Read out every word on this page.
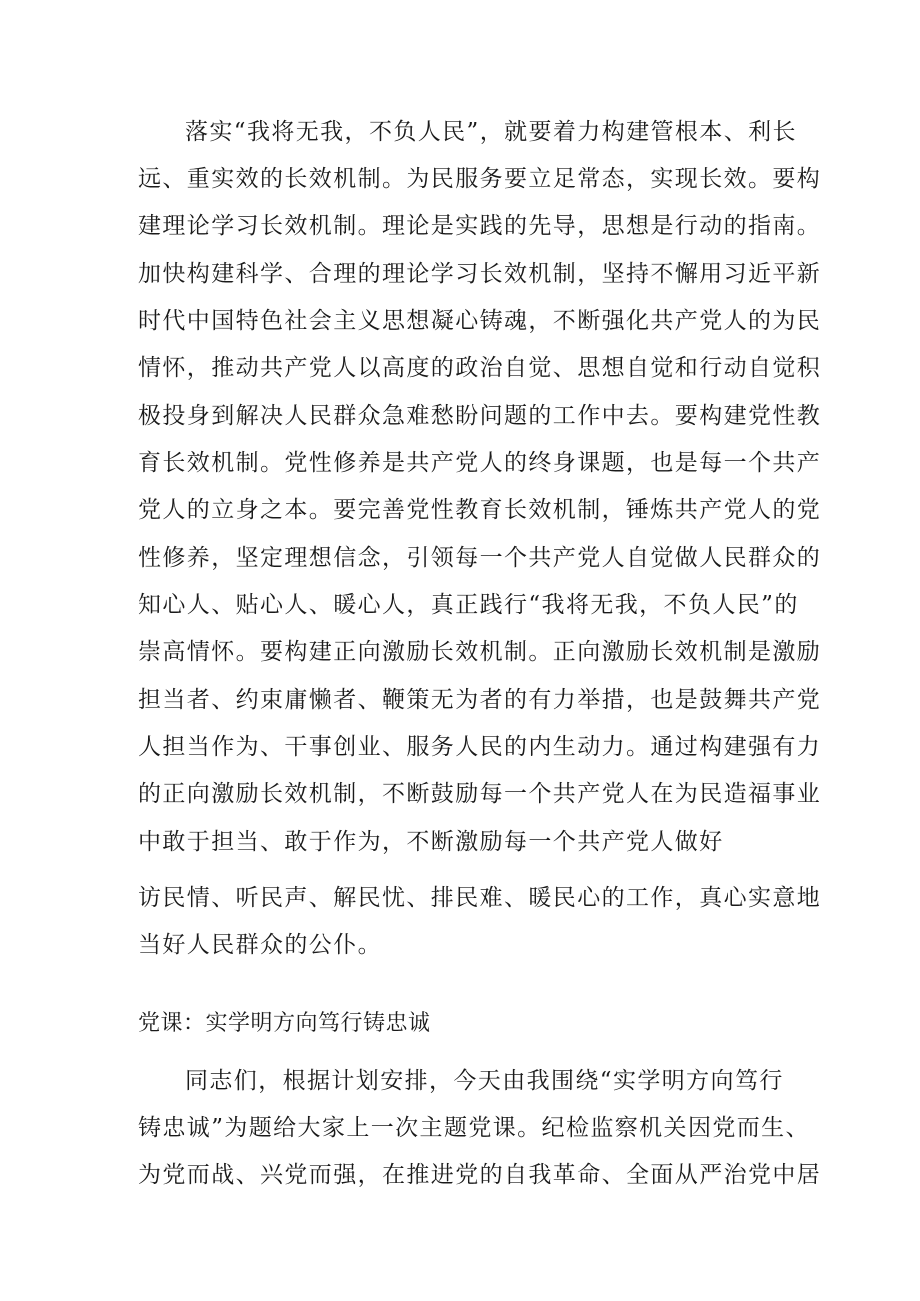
落实“我将无我，不负人民”，就要着力构建管根本、利长
远、重实效的长效机制。为民服务要立足常态，实现长效。要构
建理论学习长效机制。理论是实践的先导，思想是行动的指南。
加快构建科学、合理的理论学习长效机制，坚持不懈用习近平新
时代中国特色社会主义思想凝心铸魂，不断强化共产党人的为民
情怀，推动共产党人以高度的政治自觉、思想自觉和行动自觉积
极投身到解决人民群众急难愁盼问题的工作中去。要构建党性教
育长效机制。党性修养是共产党人的终身课题，也是每一个共产
党人的立身之本。要完善党性教育长效机制，锤炼共产党人的党
性修养，坚定理想信念，引领每一个共产党人自觉做人民群众的
知心人、贴心人、暖心人，真正践行“我将无我，不负人民”的
崇高情怀。要构建正向激励长效机制。正向激励长效机制是激励
担当者、约束庸懒者、鞭策无为者的有力举措，也是鼓舞共产党
人担当作为、干事创业、服务人民的内生动力。通过构建强有力
的正向激励长效机制，不断鼓励每一个共产党人在为民造福事业
中敢于担当、敢于作为，不断激励每一个共产党人做好
访民情、听民声、解民忧、排民难、暖民心的工作，真心实意地
当好人民群众的公仆。
党课：实学明方向笃行铸忠诚
同志们，根据计划安排，今天由我围绕“实学明方向笃行
铸忠诚”为题给大家上一次主题党课。纪检监察机关因党而生、
为党而战、兴党而强，在推进党的自我革命、全面从严治党中居
